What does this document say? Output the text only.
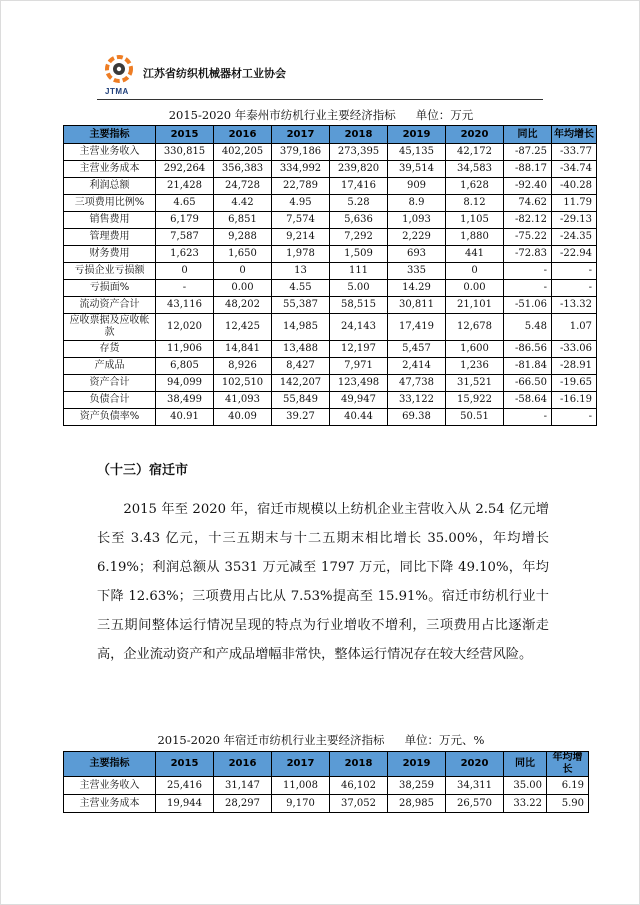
JTMA
江苏省纺织机械器材工业协会
2015-2020 年泰州市纺机行业主要经济指标 单位：万元
主要指标	2015	2016	2017	2018	2019	2020	同比	年均增长
主营业务收入	330,815	402,205	379,186	273,395	45,135	42,172	-87.25	-33.77
主营业务成本	292,264	356,383	334,992	239,820	39,514	34,583	-88.17	-34.74
利润总额	21,428	24,728	22,789	17,416	909	1,628	-92.40	-40.28
三项费用比例%	4.65	4.42	4.95	5.28	8.9	8.12	74.62	11.79
销售费用	6,179	6,851	7,574	5,636	1,093	1,105	-82.12	-29.13
管理费用	7,587	9,288	9,214	7,292	2,229	1,880	-75.22	-24.35
财务费用	1,623	1,650	1,978	1,509	693	441	-72.83	-22.94
亏损企业亏损额	0	0	13	111	335	0	-	-
亏损面%	-	0.00	4.55	5.00	14.29	0.00	-	-
流动资产合计	43,116	48,202	55,387	58,515	30,811	21,101	-51.06	-13.32
应收票据及应收帐款	12,020	12,425	14,985	24,143	17,419	12,678	5.48	1.07
存货	11,906	14,841	13,488	12,197	5,457	1,600	-86.56	-33.06
产成品	6,805	8,926	8,427	7,971	2,414	1,236	-81.84	-28.91
资产合计	94,099	102,510	142,207	123,498	47,738	31,521	-66.50	-19.65
负债合计	38,499	41,093	55,849	49,947	33,122	15,922	-58.64	-16.19
资产负债率%	40.91	40.09	39.27	40.44	69.38	50.51	-	-
（十三）宿迁市
2015 年至 2020 年，宿迁市规模以上纺机企业主营收入从 2.54 亿元增长至 3.43 亿元，十三五期末与十二五期末相比增长 35.00%，年均增长 6.19%；利润总额从 3531 万元减至 1797 万元，同比下降 49.10%，年均下降 12.63%；三项费用占比从 7.53%提高至 15.91%。宿迁市纺机行业十三五期间整体运行情况呈现的特点为行业增收不增利，三项费用占比逐渐走高，企业流动资产和产成品增幅非常快，整体运行情况存在较大经营风险。
2015-2020 年宿迁市纺机行业主要经济指标 单位：万元、%
主要指标	2015	2016	2017	2018	2019	2020	同比	年均增长
主营业务收入	25,416	31,147	11,008	46,102	38,259	34,311	35.00	6.19
主营业务成本	19,944	28,297	9,170	37,052	28,985	26,570	33.22	5.90
